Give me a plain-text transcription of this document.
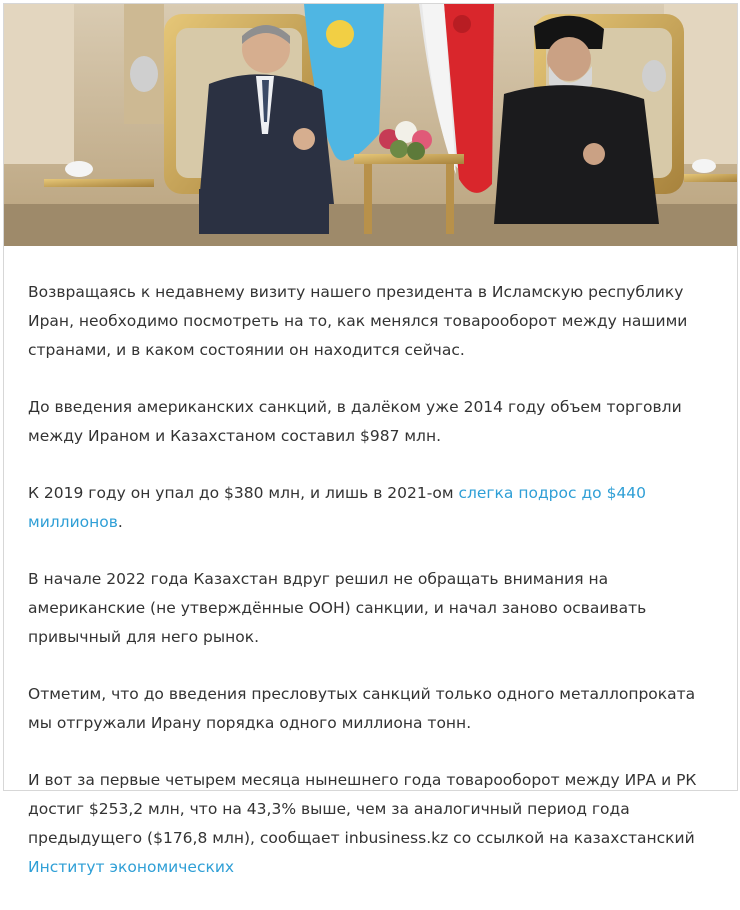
Возвращаясь к недавнему визиту нашего президента в Исламскую республику Иран, необходимо посмотреть на то, как менялся товарооборот между нашими странами, и в каком состоянии он находится сейчас.

До введения американских санкций, в далёком уже 2014 году объем торговли между Ираном и Казахстаном составил $987 млн.

К 2019 году он упал до $380 млн, и лишь в 2021-ом слегка подрос до $440 миллионов.

В начале 2022 года Казахстан вдруг решил не обращать внимания на американские (не утверждённые ООН) санкции, и начал заново осваивать привычный для него рынок.

Отметим, что до введения пресловутых санкций только одного металлопроката мы отгружали Ирану порядка одного миллиона тонн.

И вот за первые четырем месяца нынешнего года товарооборот между ИРА и РК достиг $253,2 млн, что на 43,3% выше, чем за аналогичный период года предыдущего ($176,8 млн), сообщает inbusiness.kz со ссылкой на казахстанский Институт экономических
